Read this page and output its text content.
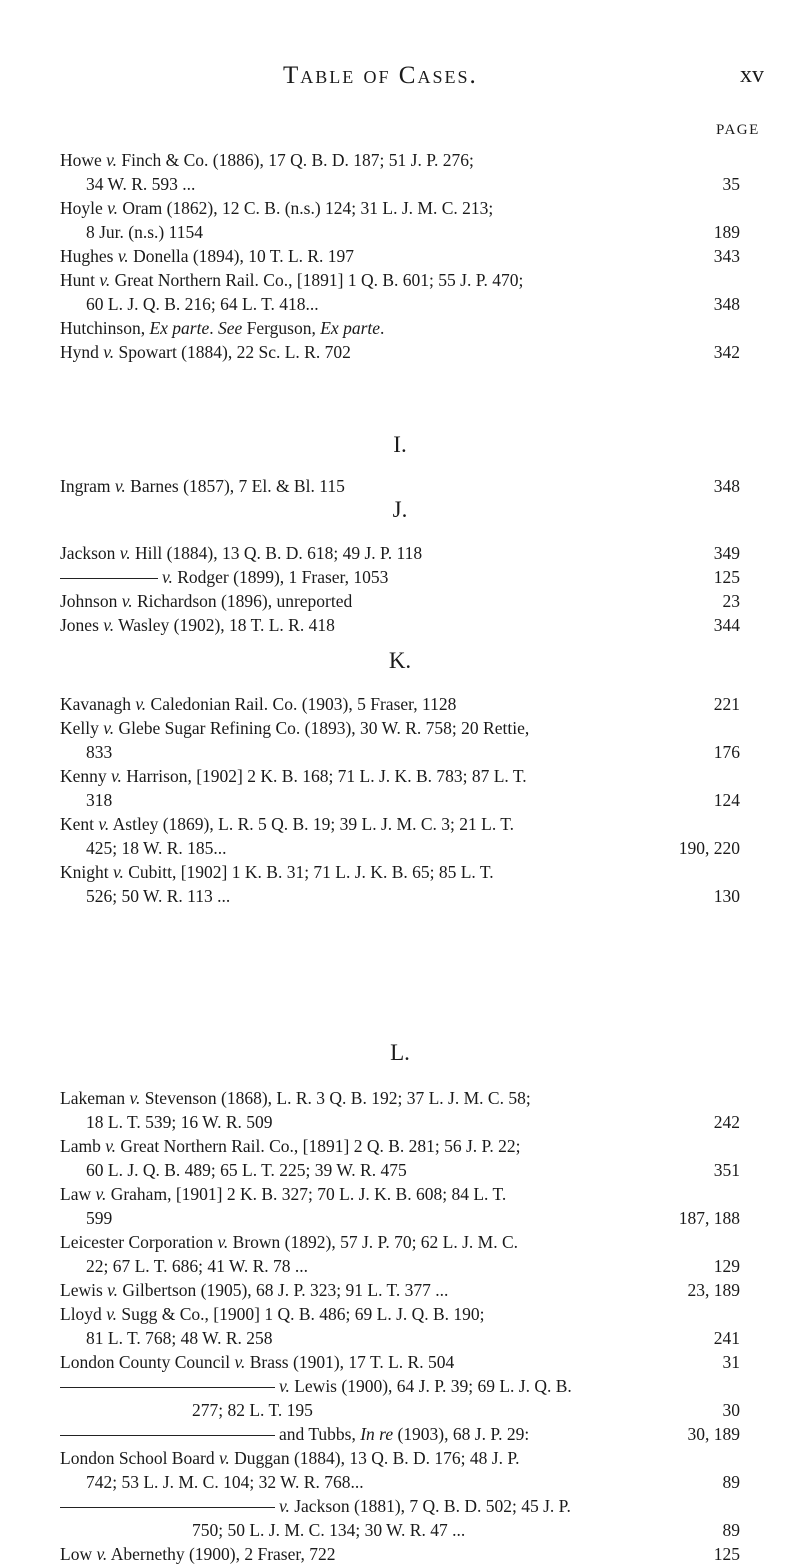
Table of Cases.	xv
PAGE
Howe v. Finch & Co. (1886), 17 Q. B. D. 187; 51 J. P. 276;
34 W. R. 593 ...	35
Hoyle v. Oram (1862), 12 C. B. (n.s.) 124; 31 L. J. M. C. 213;
8 Jur. (n.s.) 1154	189
Hughes v. Donella (1894), 10 T. L. R. 197	343
Hunt v. Great Northern Rail. Co., [1891] 1 Q. B. 601; 55 J. P. 470;
60 L. J. Q. B. 216; 64 L. T. 418...	348
Hutchinson, Ex parte. See Ferguson, Ex parte.
Hynd v. Spowart (1884), 22 Sc. L. R. 702	342
I.
Ingram v. Barnes (1857), 7 El. & Bl. 115	348
J.
Jackson v. Hill (1884), 13 Q. B. D. 618; 49 J. P. 118	349
v. Rodger (1899), 1 Fraser, 1053	125
Johnson v. Richardson (1896), unreported	23
Jones v. Wasley (1902), 18 T. L. R. 418	344
K.
Kavanagh v. Caledonian Rail. Co. (1903), 5 Fraser, 1128	221
Kelly v. Glebe Sugar Refining Co. (1893), 30 W. R. 758; 20 Rettie,
833	176
Kenny v. Harrison, [1902] 2 K. B. 168; 71 L. J. K. B. 783; 87 L. T.
318	124
Kent v. Astley (1869), L. R. 5 Q. B. 19; 39 L. J. M. C. 3; 21 L. T.
425; 18 W. R. 185...	190, 220
Knight v. Cubitt, [1902] 1 K. B. 31; 71 L. J. K. B. 65; 85 L. T.
526; 50 W. R. 113 ...	130
L.
Lakeman v. Stevenson (1868), L. R. 3 Q. B. 192; 37 L. J. M. C. 58;
18 L. T. 539; 16 W. R. 509	242
Lamb v. Great Northern Rail. Co., [1891] 2 Q. B. 281; 56 J. P. 22;
60 L. J. Q. B. 489; 65 L. T. 225; 39 W. R. 475	351
Law v. Graham, [1901] 2 K. B. 327; 70 L. J. K. B. 608; 84 L. T.
599	187, 188
Leicester Corporation v. Brown (1892), 57 J. P. 70; 62 L. J. M. C.
22; 67 L. T. 686; 41 W. R. 78 ...	129
Lewis v. Gilbertson (1905), 68 J. P. 323; 91 L. T. 377 ...	23, 189
Lloyd v. Sugg & Co., [1900] 1 Q. B. 486; 69 L. J. Q. B. 190;
81 L. T. 768; 48 W. R. 258	241
London County Council v. Brass (1901), 17 T. L. R. 504	31
v. Lewis (1900), 64 J. P. 39; 69 L. J. Q. B.
277; 82 L. T. 195	30
and Tubbs, In re (1903), 68 J. P. 29:	30, 189
London School Board v. Duggan (1884), 13 Q. B. D. 176; 48 J. P.
742; 53 L. J. M. C. 104; 32 W. R. 768...	89
v. Jackson (1881), 7 Q. B. D. 502; 45 J. P.
750; 50 L. J. M. C. 134; 30 W. R. 47 ...	89
Low v. Abernethy (1900), 2 Fraser, 722	125
